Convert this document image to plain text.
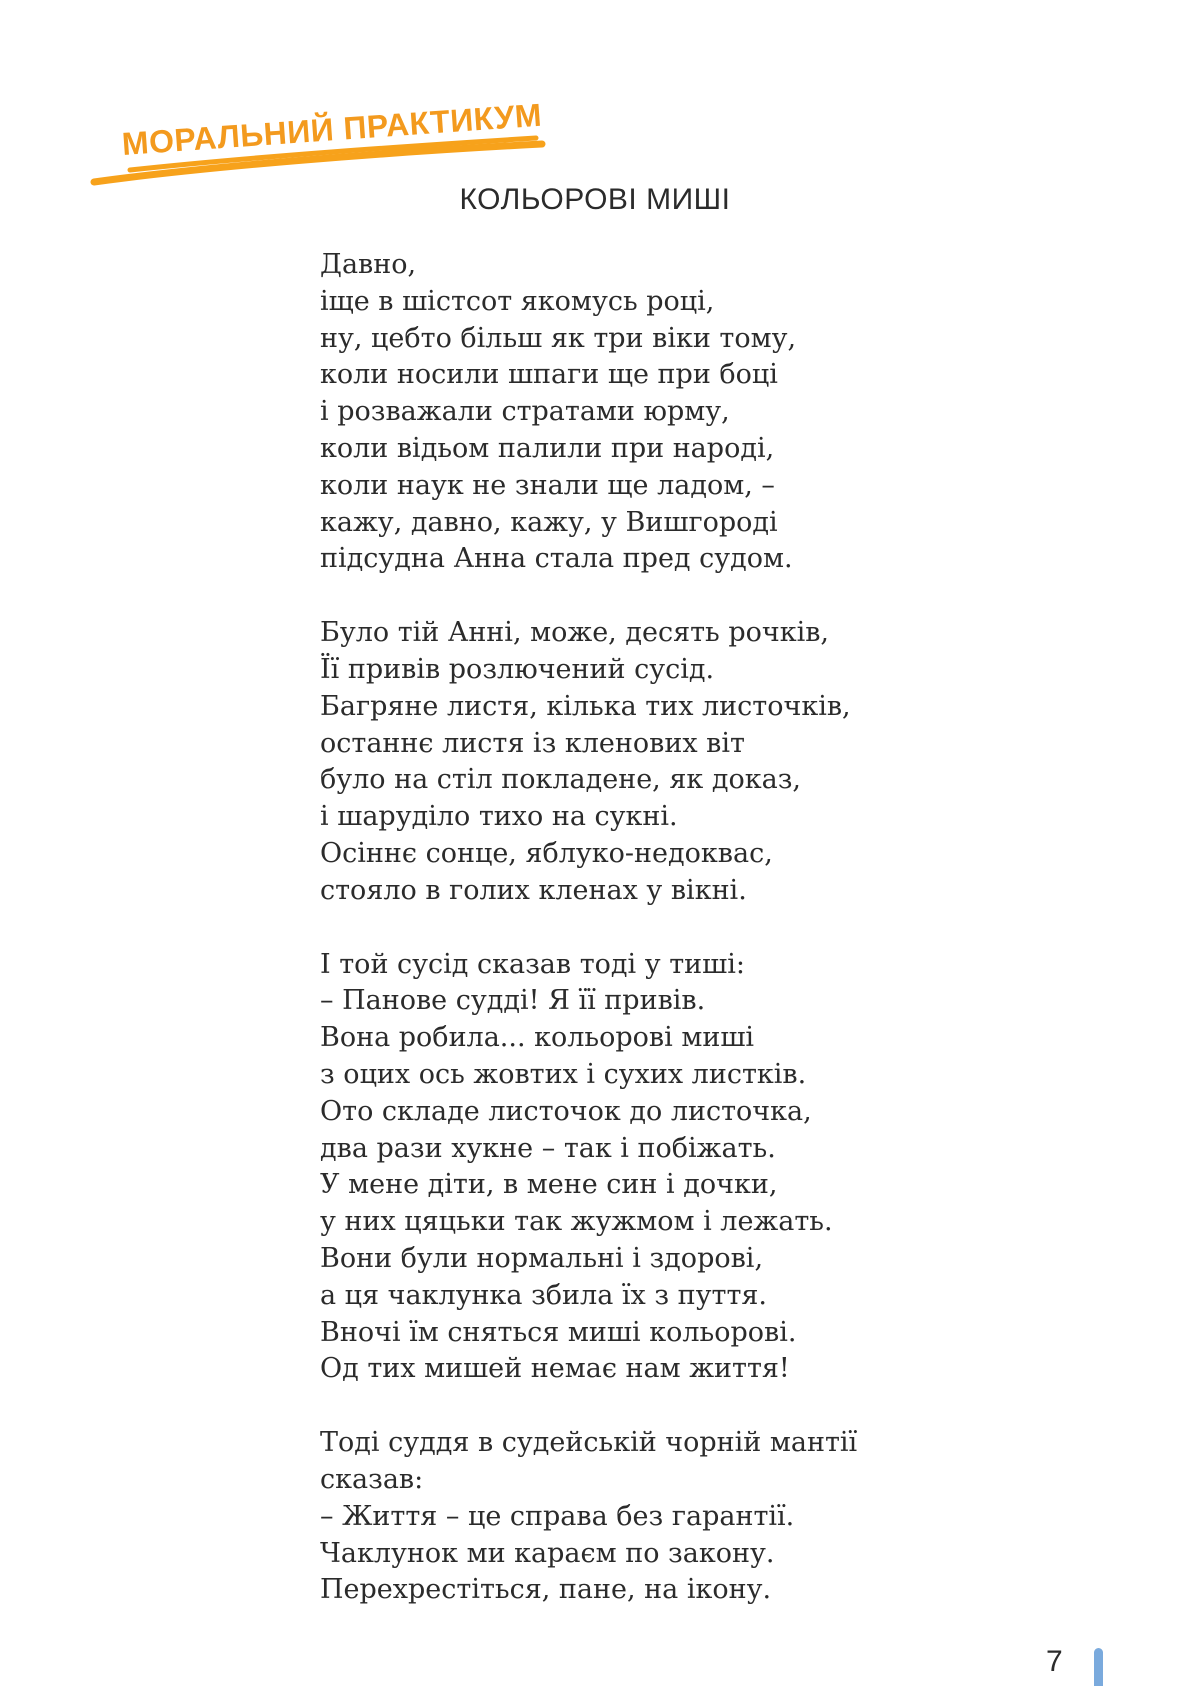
МОРАЛЬНИЙ ПРАКТИКУМ
КОЛЬОРОВІ МИШІ
Давно,
іще в шістсот якомусь році,
ну, цебто більш як три віки тому,
коли носили шпаги ще при боці
і розважали стратами юрму,
коли відьом палили при народі,
коли наук не знали ще ладом, –
кажу, давно, кажу, у Вишгороді
підсудна Анна стала пред судом.
Було тій Анні, може, десять рочків,
Її привів розлючений сусід.
Багряне листя, кілька тих листочків,
останнє листя із кленових віт
було на стіл покладене, як доказ,
і шаруділо тихо на сукні.
Осіннє сонце, яблуко-недоквас,
стояло в голих кленах у вікні.
І той сусід сказав тоді у тиші:
– Панове судді! Я її привів.
Вона робила... кольорові миші
з оцих ось жовтих і сухих листків.
Ото складе листочок до листочка,
два рази хукне – так і побіжать.
У мене діти, в мене син і дочки,
у них цяцьки так жужмом і лежать.
Вони були нормальні і здорові,
а ця чаклунка збила їх з пуття.
Вночі їм сняться миші кольорові.
Од тих мишей немає нам життя!
Тоді суддя в судейській чорній мантії
сказав:
– Життя – це справа без гарантії.
Чаклунок ми караєм по закону.
Перехрестіться, пане, на ікону.
7
